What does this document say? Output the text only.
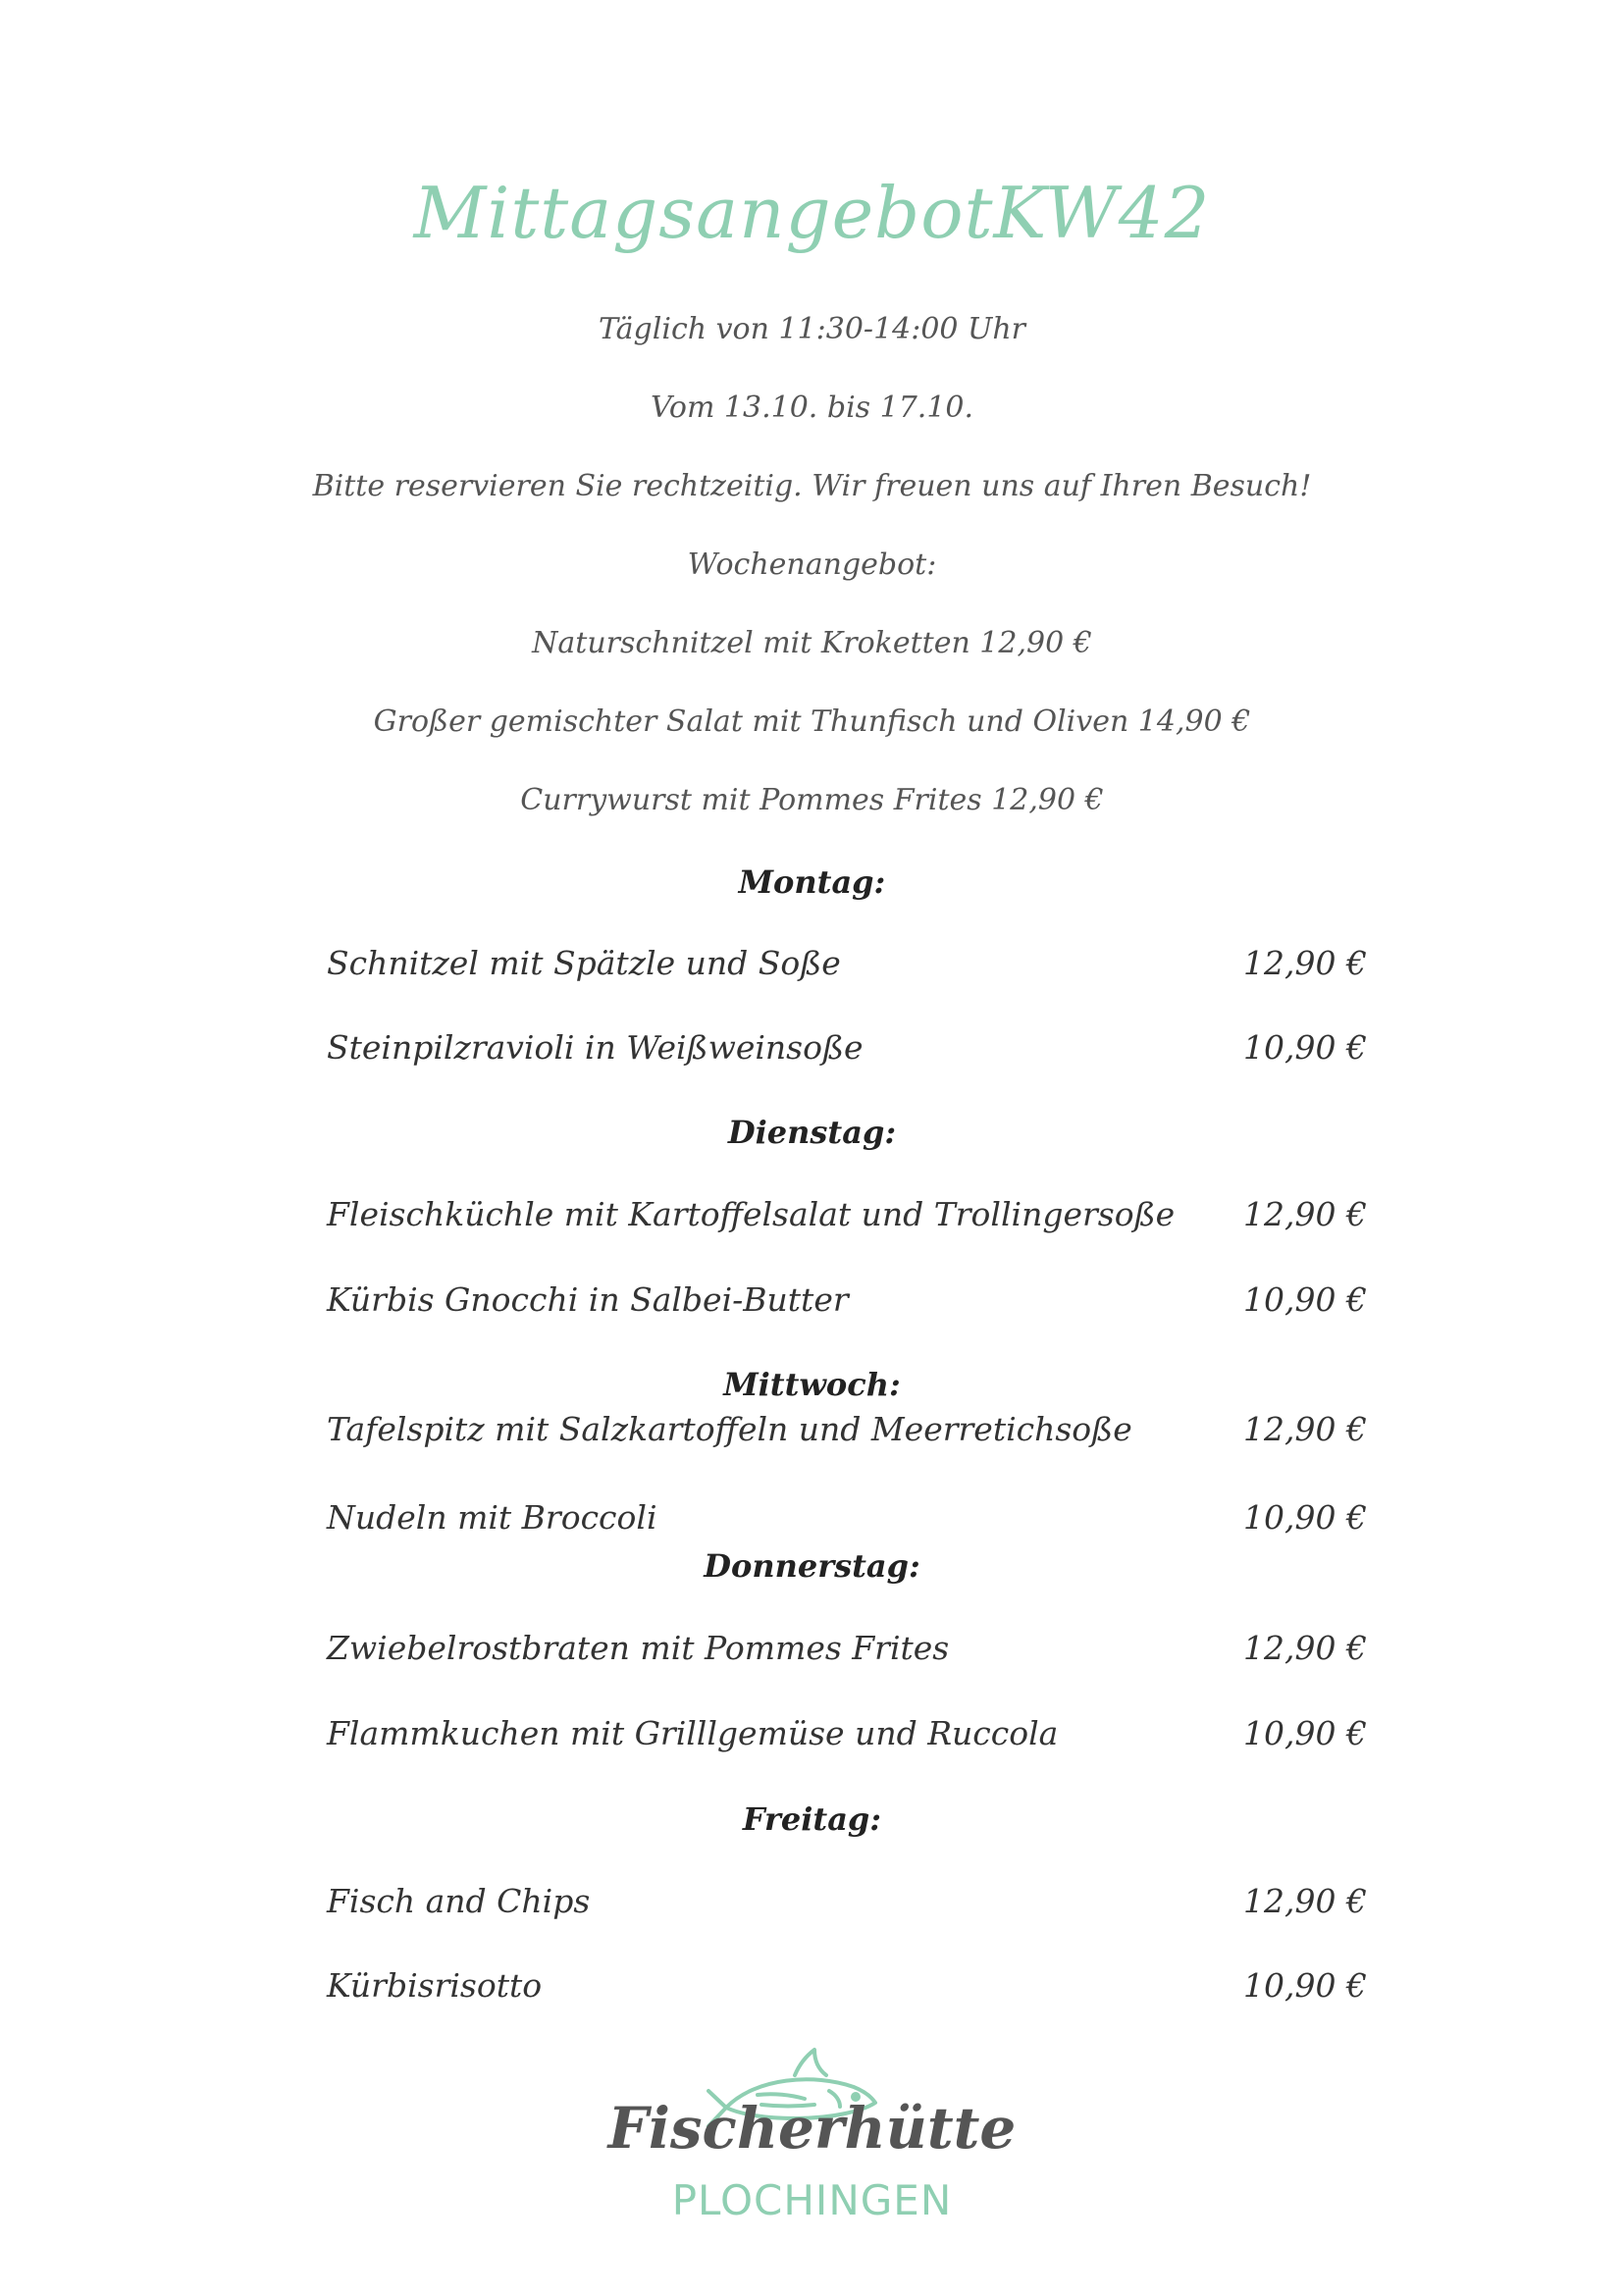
MittagsangebotKW42
Täglich von 11:30-14:00 Uhr
Vom 13.10. bis 17.10.
Bitte reservieren Sie rechtzeitig. Wir freuen uns auf Ihren Besuch!
Wochenangebot:
Naturschnitzel mit Kroketten 12,90 €
Großer gemischter Salat mit Thunfisch und Oliven 14,90 €
Currywurst mit Pommes Frites 12,90 €
Montag:
Schnitzel mit Spätzle und Soße	12,90 €
Steinpilzravioli in Weißweinsoße	10,90 €
Dienstag:
Fleischküchle mit Kartoffelsalat und Trollingersoße 12,90 €
Kürbis Gnocchi in Salbei-Butter	10,90 €
Mittwoch:
Tafelspitz mit Salzkartoffeln und Meerretichsoße	12,90 €
Nudeln mit Broccoli	10,90 €
Donnerstag:
Zwiebelrostbraten mit Pommes Frites	12,90 €
Flammkuchen mit Grilllgemüse und Ruccola	10,90 €
Freitag:
Fisch and Chips	12,90 €
Kürbisrisotto	10,90 €
Fischerhütte
PLOCHINGEN
